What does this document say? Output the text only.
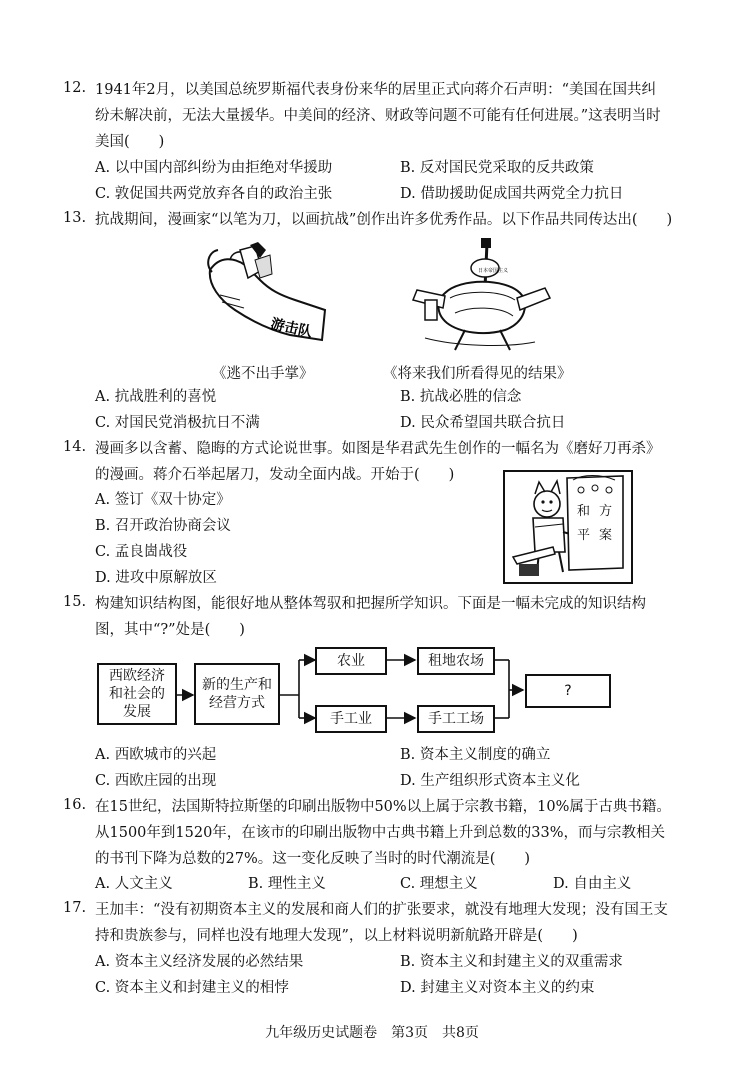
12. 1941年2月，以美国总统罗斯福代表身份来华的居里正式向蒋介石声明：“美国在国共纠
纷未解决前，无法大量援华。中美间的经济、财政等问题不可能有任何进展。”这表明当时
美国(　　)
A. 以中国内部纠纷为由拒绝对华援助	B. 反对国民党采取的反共政策
C. 敦促国共两党放弃各自的政治主张	D. 借助援助促成国共两党全力抗日
13. 抗战期间，漫画家“以笔为刀，以画抗战”创作出许多优秀作品。以下作品共同传达出(　　)
游击队
日本帝国主义
《逃不出手掌》	《将来我们所看得见的结果》
A. 抗战胜利的喜悦	B. 抗战必胜的信念
C. 对国民党消极抗日不满	D. 民众希望国共联合抗日
14. 漫画多以含蓄、隐晦的方式论说世事。如图是华君武先生创作的一幅名为《磨好刀再杀》
的漫画。蒋介石举起屠刀，发动全面内战。开始于(　　)
A. 签订《双十协定》
B. 召开政治协商会议
C. 孟良崮战役
D. 进攻中原解放区
和 方
平 案
15. 构建知识结构图，能很好地从整体驾驭和把握所学知识。下面是一幅未完成的知识结构
图，其中“?”处是(　　)
西欧经济
和社会的
发展
新的生产和
经营方式
农业
手工业
租地农场
手工工场
?
A. 西欧城市的兴起	B. 资本主义制度的确立
C. 西欧庄园的出现	D. 生产组织形式资本主义化
16. 在15世纪，法国斯特拉斯堡的印刷出版物中50%以上属于宗教书籍，10%属于古典书籍。
从1500年到1520年，在该市的印刷出版物中古典书籍上升到总数的33%，而与宗教相关
的书刊下降为总数的27%。这一变化反映了当时的时代潮流是(　　)
A. 人文主义	B. 理性主义	C. 理想主义	D. 自由主义
17. 王加丰：“没有初期资本主义的发展和商人们的扩张要求，就没有地理大发现；没有国王支
持和贵族参与，同样也没有地理大发现”，以上材料说明新航路开辟是(　　)
A. 资本主义经济发展的必然结果	B. 资本主义和封建主义的双重需求
C. 资本主义和封建主义的相悖	D. 封建主义对资本主义的约束
九年级历史试题卷　第3页　共8页
